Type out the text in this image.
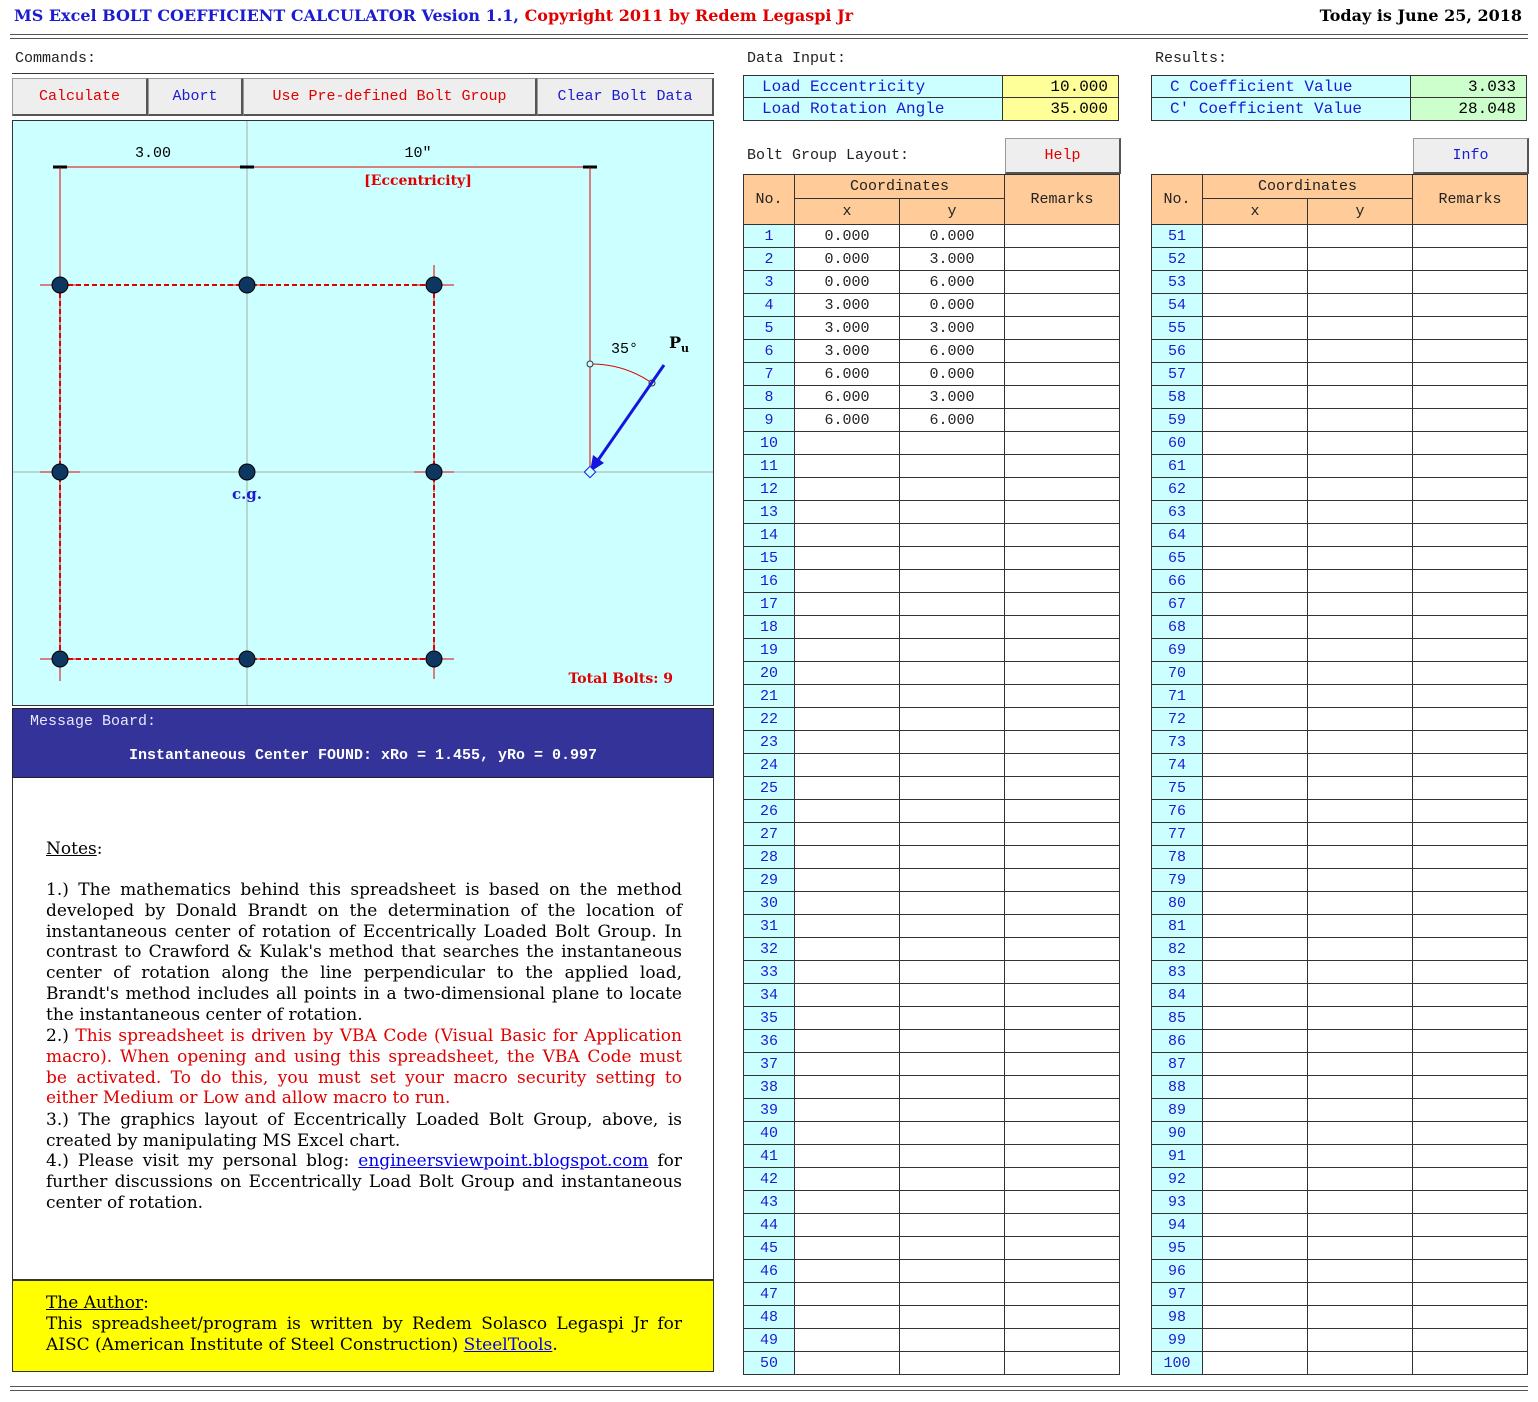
MS Excel BOLT COEFFICIENT CALCULATOR Vesion 1.1, Copyright 2011 by Redem Legaspi Jr	Today is June 25, 2018
Commands:
Calculate	Abort	Use Pre-defined Bolt Group	Clear Bolt Data
3.00	10"
[Eccentricity]
35° $P_u$
c.g.
Total Bolts: 9
Message Board:
Instantaneous Center FOUND: xRo = 1.455, yRo = 0.997
Notes:
1.) The mathematics behind this spreadsheet is based on the method developed by Donald Brandt on the determination of the location of instantaneous center of rotation of Eccentrically Loaded Bolt Group. In contrast to Crawford & Kulak's method that searches the instantaneous center of rotation along the line perpendicular to the applied load, Brandt's method includes all points in a two-dimensional plane to locate the instantaneous center of rotation.
2.) This spreadsheet is driven by VBA Code (Visual Basic for Application macro). When opening and using this spreadsheet, the VBA Code must be activated. To do this, you must set your macro security setting to either Medium or Low and allow macro to run.
3.) The graphics layout of Eccentrically Loaded Bolt Group, above, is created by manipulating MS Excel chart.
4.) Please visit my personal blog: engineersviewpoint.blogspot.com for further discussions on Eccentrically Load Bolt Group and instantaneous center of rotation.
The Author:
This spreadsheet/program is written by Redem Solasco Legaspi Jr for AISC (American Institute of Steel Construction) SteelTools.
Data Input:
Load Eccentricity	10.000
Load Rotation Angle	35.000
Results:
C Coefficient Value	3.033
C' Coefficient Value	28.048
Bolt Group Layout:	Help	Info
No.	Coordinates		Remarks
	x	y	
1	0.000	0.000	
2	0.000	3.000	
3	0.000	6.000	
4	3.000	0.000	
5	3.000	3.000	
6	3.000	6.000	
7	6.000	0.000	
8	6.000	3.000	
9	6.000	6.000	
10			
11			
12			
13			
14			
15			
16			
17			
18			
19			
20			
21			
22			
23			
24			
25			
26			
27			
28			
29			
30			
31			
32			
33			
34			
35			
36			
37			
38			
39			
40			
41			
42			
43			
44			
45			
46			
47			
48			
49			
50			
No.	Coordinates		Remarks
	x	y	
51			
52			
53			
54			
55			
56			
57			
58			
59			
60			
61			
62			
63			
64			
65			
66			
67			
68			
69			
70			
71			
72			
73			
74			
75			
76			
77			
78			
79			
80			
81			
82			
83			
84			
85			
86			
87			
88			
89			
90			
91			
92			
93			
94			
95			
96			
97			
98			
99			
100			
